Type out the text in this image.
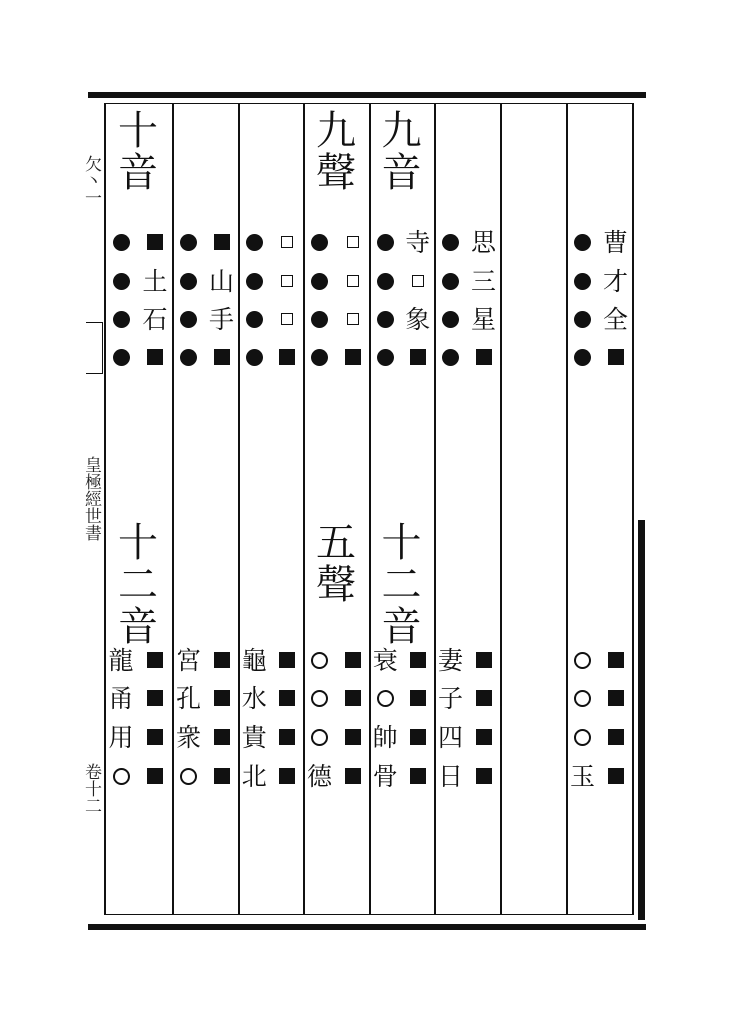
欠丶一
皇極經世書
卷十二
十
音
土
石
十二
音
龍
甬
用
山
手
宮
孔
衆
龜
水
貴
北
九
聲
五
聲
德
九
音
寺
象
十二
音
衰
帥
骨
思
三
星
妻
子
四
日
曹
才
全
玉
